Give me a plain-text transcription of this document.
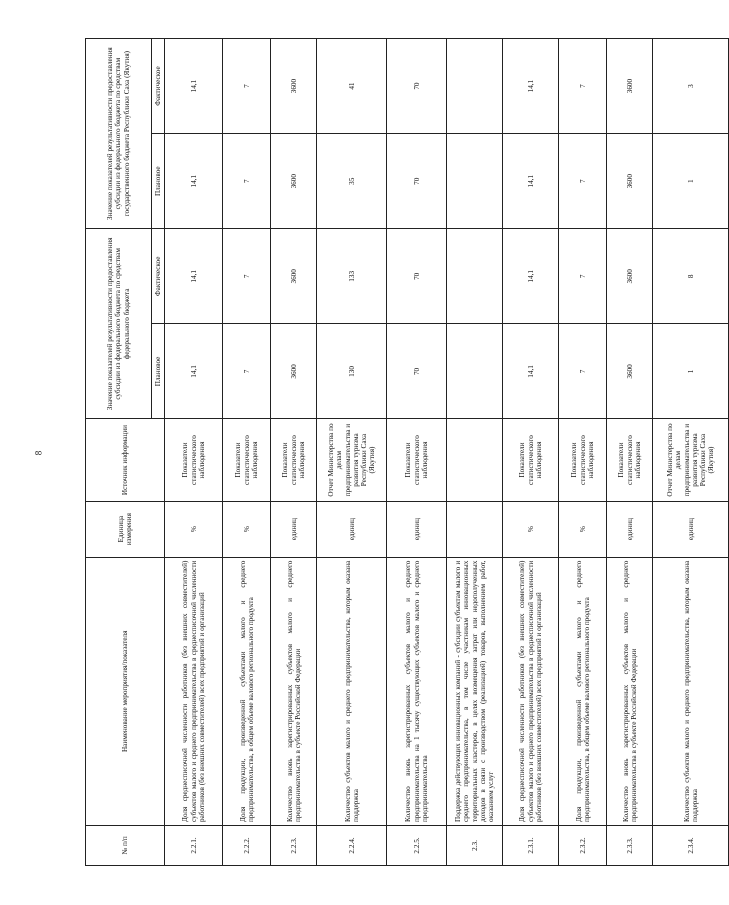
8
№ п/п	Наименование мероприятия/показателя	Единица измерения	Источник информации	Значение показателей результативности предоставления субсидии из федерального бюджета по средствам федерального бюджета		Значение показателей результативности предоставления субсидии из федерального бюджета по средствам государственного бюджета Республики Саха (Якутия)	
				Плановое	Фактическое	Плановое	Фактическое
2.2.1.	Доля среднесписочной численности работников (без внешних совместителей) субъектов малого и среднего предпринимательства в среднесписочной численности работников (без внешних совместителей) всех предприятий и организаций	%	Показатели статистического наблюдения	14,1	14,1	14,1	14,1
2.2.2.	Доля продукции, произведенной субъектами малого и среднего предпринимательства, в общем объеме валового регионального продукта	%	Показатели статистического наблюдения	7	7	7	7
2.2.3.	Количество вновь зарегистрированных субъектов малого и среднего предпринимательства в субъекте Российской Федерации	единиц	Показатели статистического наблюдения	3600	3600	3600	3600
2.2.4.	Количество субъектов малого и среднего предпринимательства, которым оказана поддержка	единиц	Отчет Министерства по делам предпринимательства и развития туризма Республики Саха (Якутия)	130	133	35	41
2.2.5.	Количество вновь зарегистрированных субъектов малого и среднего предпринимательства на 1 тысячу существующих субъектов малого и среднего предпринимательства	единиц	Показатели статистического наблюдения	70	70	70	70
2.3.	Поддержка действующих инновационных компаний - субсидии субъектам малого и среднего предпринимательства, в том числе участникам инновационных территориальных кластеров, в целях возмещения затрат или недополученных доходов в связи с производством (реализацией) товаров, выполнением работ, оказанием услуг						
2.3.1.	Доля среднесписочной численности работников (без внешних совместителей) субъектов малого и среднего предпринимательства в среднесписочной численности работников (без внешних совместителей) всех предприятий и организаций	%	Показатели статистического наблюдения	14,1	14,1	14,1	14,1
2.3.2.	Доля продукции, произведенной субъектами малого и среднего предпринимательства, в общем объеме валового регионального продукта	%	Показатели статистического наблюдения	7	7	7	7
2.3.3.	Количество вновь зарегистрированных субъектов малого и среднего предпринимательства в субъекте Российской Федерации	единиц	Показатели статистического наблюдения	3600	3600	3600	3600
2.3.4.	Количество субъектов малого и среднего предпринимательства, которым оказана поддержка	единиц	Отчет Министерства по делам предпринимательства и развития туризма Республики Саха (Якутия)	1	8	1	3
